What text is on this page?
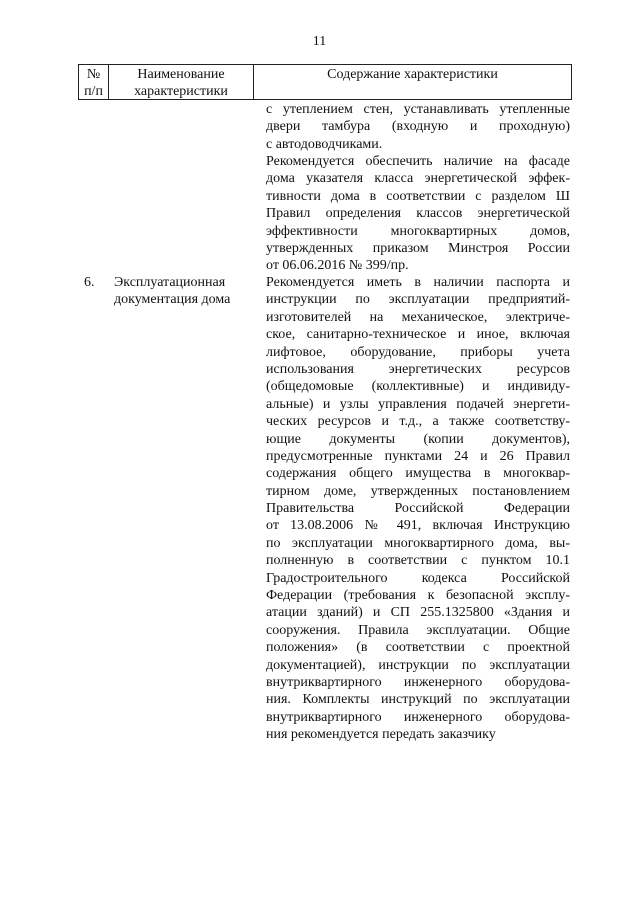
11
№
п/п
Наименование
характеристики
Содержание характеристики
с утеплением стен, устанавливать утепленные
двери тамбура (входную и проходную)
с автодоводчиками.
Рекомендуется обеспечить наличие на фасаде
дома указателя класса энергетической эффек-
тивности дома в соответствии с разделом Ш
Правил определения классов энергетической
эффективности многоквартирных домов,
утвержденных приказом Минстроя России
от 06.06.2016 № 399/пр.
6. Эксплуатационная
документация дома
Рекомендуется иметь в наличии паспорта и
инструкции по эксплуатации предприятий-
изготовителей на механическое, электриче-
ское, санитарно-техническое и иное, включая
лифтовое, оборудование, приборы учета
использования энергетических ресурсов
(общедомовые (коллективные) и индивиду-
альные) и узлы управления подачей энергети-
ческих ресурсов и т.д., а также соответству-
ющие документы (копии документов),
предусмотренные пунктами 24 и 26 Правил
содержания общего имущества в многоквар-
тирном доме, утвержденных постановлением
Правительства Российской Федерации
от 13.08.2006 № 491, включая Инструкцию
по эксплуатации многоквартирного дома, вы-
полненную в соответствии с пунктом 10.1
Градостроительного кодекса Российской
Федерации (требования к безопасной эксплу-
атации зданий) и СП 255.1325800 «Здания и
сооружения. Правила эксплуатации. Общие
положения» (в соответствии с проектной
документацией), инструкции по эксплуатации
внутриквартирного инженерного оборудова-
ния. Комплекты инструкций по эксплуатации
внутриквартирного инженерного оборудова-
ния рекомендуется передать заказчику
